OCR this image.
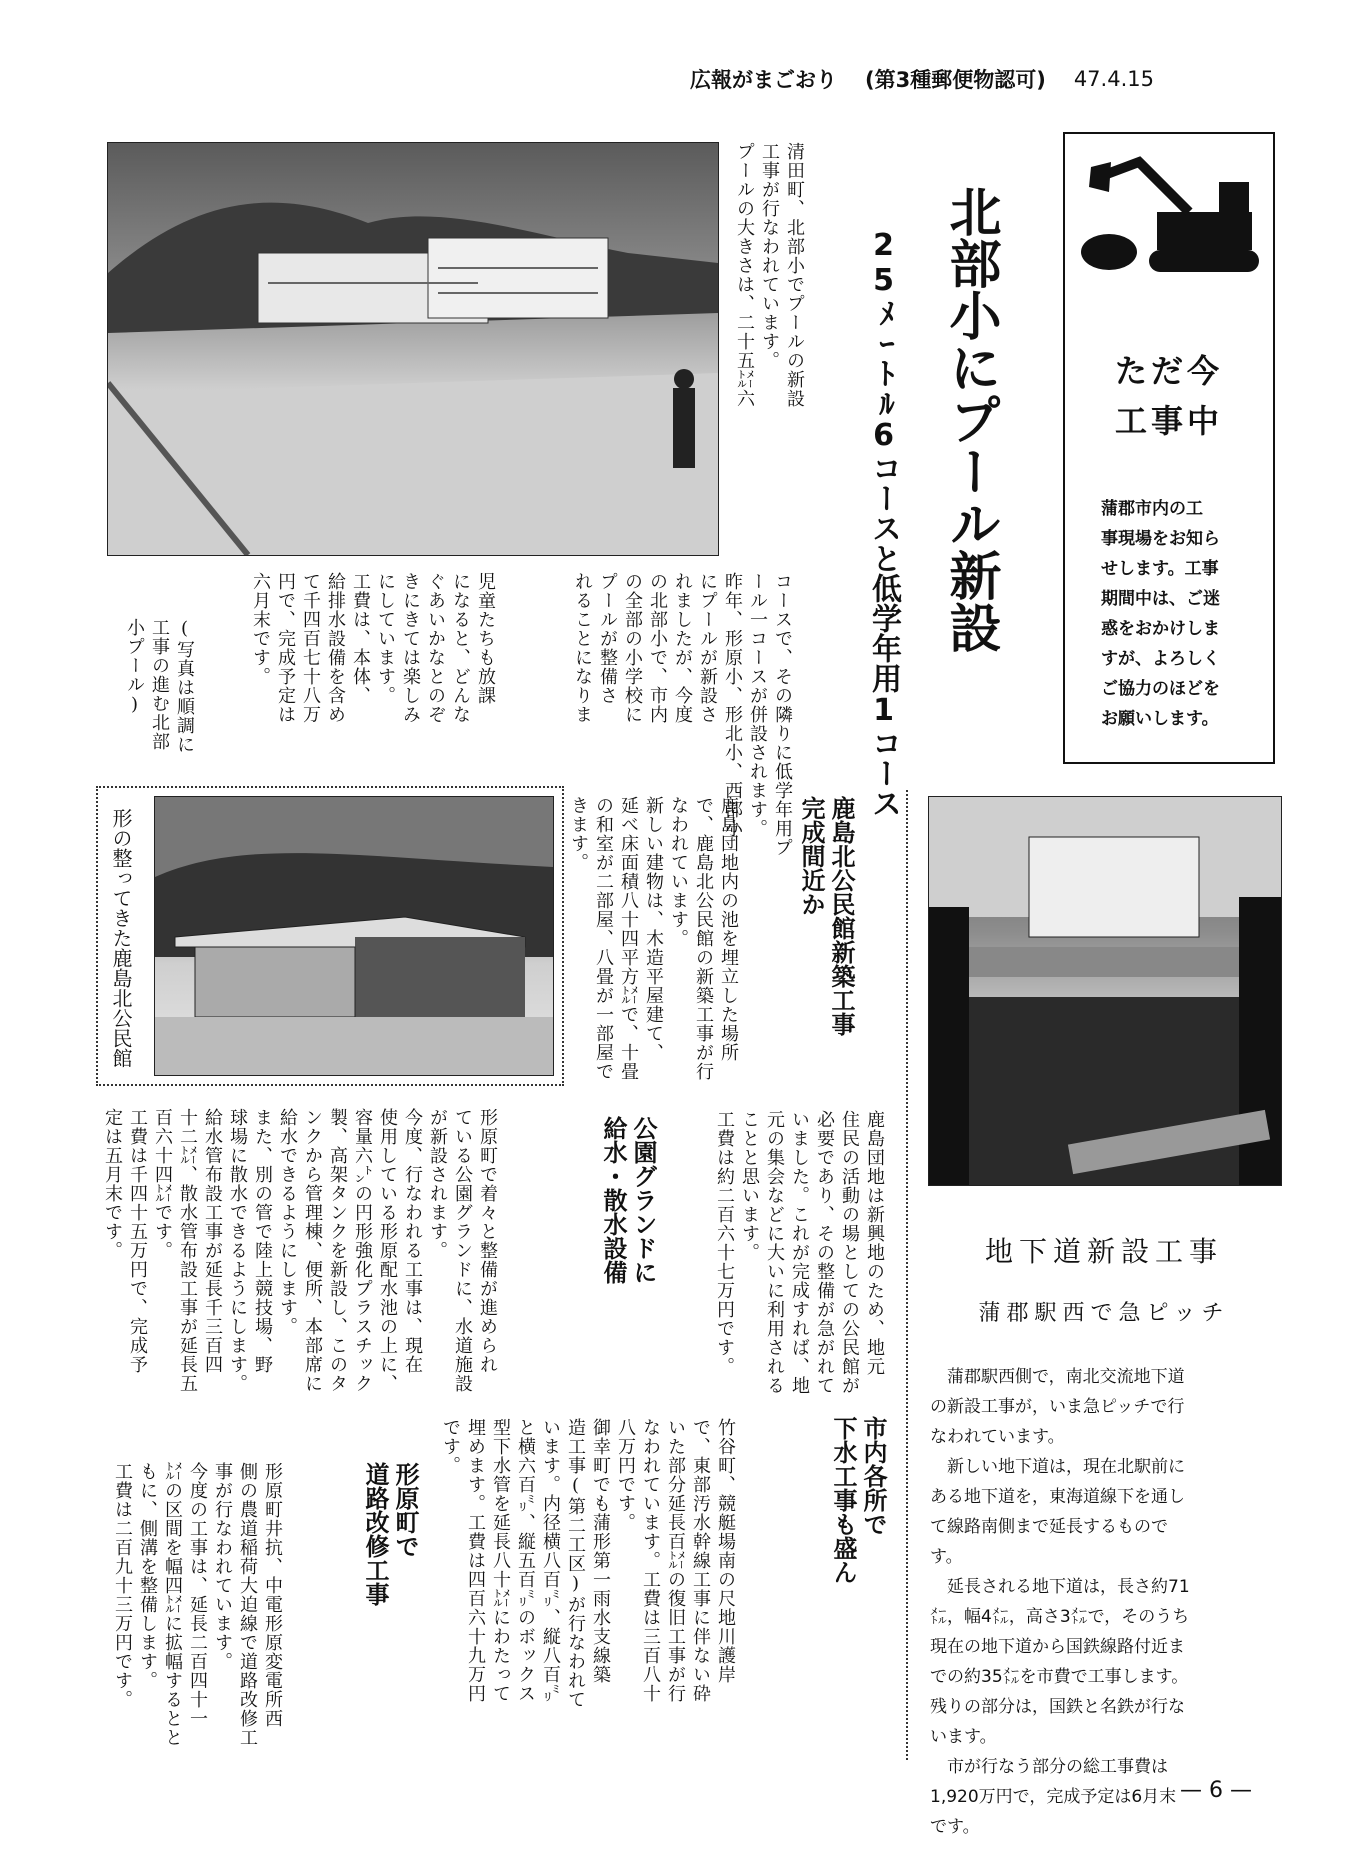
広報がまごおり (第3種郵便物認可) 47.4.15
北部小にプール新設
25ﾒｰﾄﾙ6コースと低学年用1コース
清田町、北部小でプールの新設
工事が行なわれています。
プールの大きさは、二十五㍍六
コースで、その隣りに低学年用プ
ール一コースが併設されます。
昨年、形原小、形北小、西部小
にプールが新設さ
れましたが、今度
の北部小で、市内
の全部の小学校に
プールが整備さ
れることになりま
児童たちも放課
になると、どんな
ぐあいかなとのぞ
きにきては楽しみ
にしています。
工費は、本体、
給排水設備を含め
て千四百七十八万
円で、完成予定は
六月末です。
(写真は順調に
工事の進む北部
小プール)
ただ今
工事中
蒲郡市内の工
事現場をお知ら
せします。工事
期間中は、ご迷
惑をおかけしま
すが、よろしく
ご協力のほどを
お願いします。
形の整ってきた鹿島北公民館	鹿島北公民館新築工事
完成間近か
鹿島団地内の池を埋立した場所
で、鹿島北公民館の新築工事が行
なわれています。
新しい建物は、木造平屋建て、
延べ床面積八十四平方㍍で、十畳
の和室が二部屋、八畳が一部屋で
きます。
鹿島団地は新興地のため、地元
住民の活動の場としての公民館が
必要であり、その整備が急がれて
いました。これが完成すれば、地
元の集会などに大いに利用される
ことと思います。
工費は約二百六十七万円です。
公園グランドに
給水・散水設備
形原町で着々と整備が進められ
ている公園グランドに、水道施設
が新設されます。
今度、行なわれる工事は、現在
使用している形原配水池の上に、
容量六㌧の円形強化プラスチック
製、高架タンクを新設し、このタ
ンクから管理棟、便所、本部席に
給水できるようにします。
また、別の管で陸上競技場、野
球場に散水できるようにします。
給水管布設工事が延長千三百四
十二㍍、散水管布設工事が延長五
百六十四㍍です。
工費は千四十五万円で、完成予
定は五月末です。
市内各所で
下水工事も盛ん
竹谷町、競艇場南の尺地川護岸
で、東部汚水幹線工事に伴ない砕
いた部分延長百㍍の復旧工事が行
なわれています。工費は三百八十
八万円です。
御幸町でも蒲形第一雨水支線築
造工事(第二工区)が行なわれて
います。内径横八百㍉、縦八百㍉
と横六百㍉、縦五百㍉のボックス
型下水管を延長八十㍍にわたって
埋めます。工費は四百六十九万円
です。
形原町で
道路改修工事
形原町井抗、中電形原変電所西
側の農道稲荷大迫線で道路改修工
事が行なわれています。
今度の工事は、延長二百四十一
㍍の区間を幅四㍍に拡幅するとと
もに、側溝を整備します。
工費は二百九十三万円です。
地下道新設工事
蒲郡駅西で急ピッチ

蒲郡駅西側で，南北交流地下道の新設工事が，いま急ピッチで行なわれています。

新しい地下道は，現在北駅前にある地下道を，東海道線下を通して線路南側まで延長するものです。

延長される地下道は，長さ約71㍍，幅4㍍，高さ3㍍で，そのうち現在の地下道から国鉄線路付近までの約35㍍を市費で工事します。残りの部分は，国鉄と名鉄が行ないます。

市が行なう部分の総工事費は1,920万円で，完成予定は6月末です。

— 6 —
